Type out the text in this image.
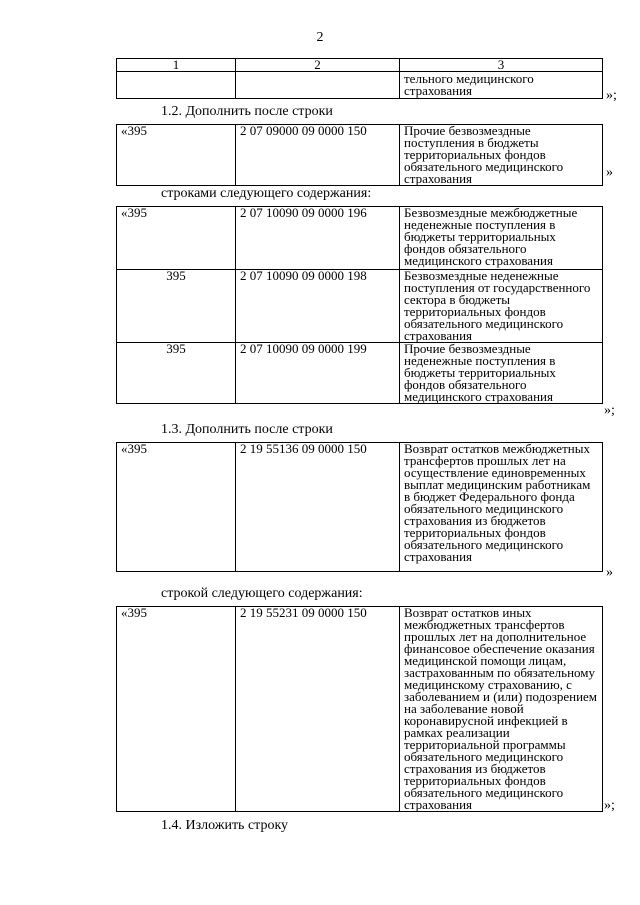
2
1	2	3
		тельного медицинского страхования	»;
1.2. Дополнить после строки
«395	2 07 09000 09 0000 150	Прочие безвозмездные поступления в бюджеты территориальных фондов обязательного медицинского страхования	»
строками следующего содержания:
«395	2 07 10090 09 0000 196	Безвозмездные межбюджетные неденежные поступления в бюджеты территориальных фондов обязательного медицинского страхования
395	2 07 10090 09 0000 198	Безвозмездные неденежные поступления от государственного сектора в бюджеты территориальных фондов обязательного медицинского страхования
395	2 07 10090 09 0000 199	Прочие безвозмездные неденежные поступления в бюджеты территориальных фондов обязательного медицинского страхования
»;
1.3. Дополнить после строки
«395	2 19 55136 09 0000 150	Возврат остатков межбюджетных трансфертов прошлых лет на осуществление единовременных выплат медицинским работникам в бюджет Федерального фонда обязательного медицинского страхования из бюджетов территориальных фондов обязательного медицинского страхования
»
строкой следующего содержания:
«395	2 19 55231 09 0000 150	Возврат остатков иных межбюджетных трансфертов прошлых лет на дополнительное финансовое обеспечение оказания медицинской помощи лицам, застрахованным по обязательному медицинскому страхованию, с заболеванием и (или) подозрением на заболевание новой коронавирусной инфекцией в рамках реализации территориальной программы обязательного медицинского страхования из бюджетов территориальных фондов обязательного медицинского страхования	»;
1.4. Изложить строку
